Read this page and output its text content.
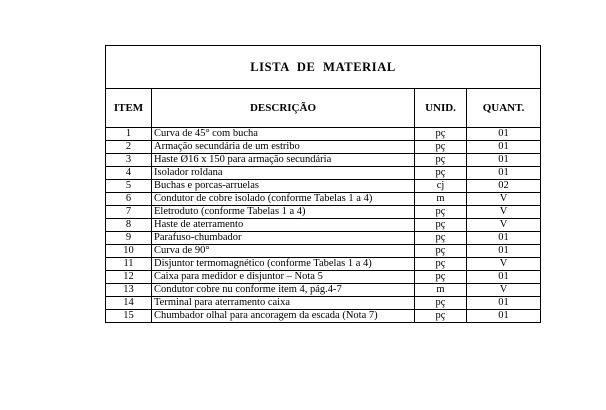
LISTA DE MATERIAL			
ITEM	DESCRIÇÃO	UNID.	QUANT.
1	Curva de 45° com bucha	pç	01
2	Armação secundária de um estribo	pç	01
3	Haste Ø16 x 150 para armação secundária	pç	01
4	Isolador roldana	pç	01
5	Buchas e porcas-arruelas	cj	02
6	Condutor de cobre isolado (conforme Tabelas 1 a 4)	m	V
7	Eletroduto (conforme Tabelas 1 a 4)	pç	V
8	Haste de aterramento	pç	V
9	Parafuso-chumbador	pç	01
10	Curva de 90°	pç	01
11	Disjuntor termomagnético (conforme Tabelas 1 a 4)	pç	V
12	Caixa para medidor e disjuntor – Nota 5	pç	01
13	Condutor cobre nu conforme item 4, pág.4-7	m	V
14	Terminal para aterramento caixa	pç	01
15	Chumbador olhal para ancoragem da escada (Nota 7)	pç	01
